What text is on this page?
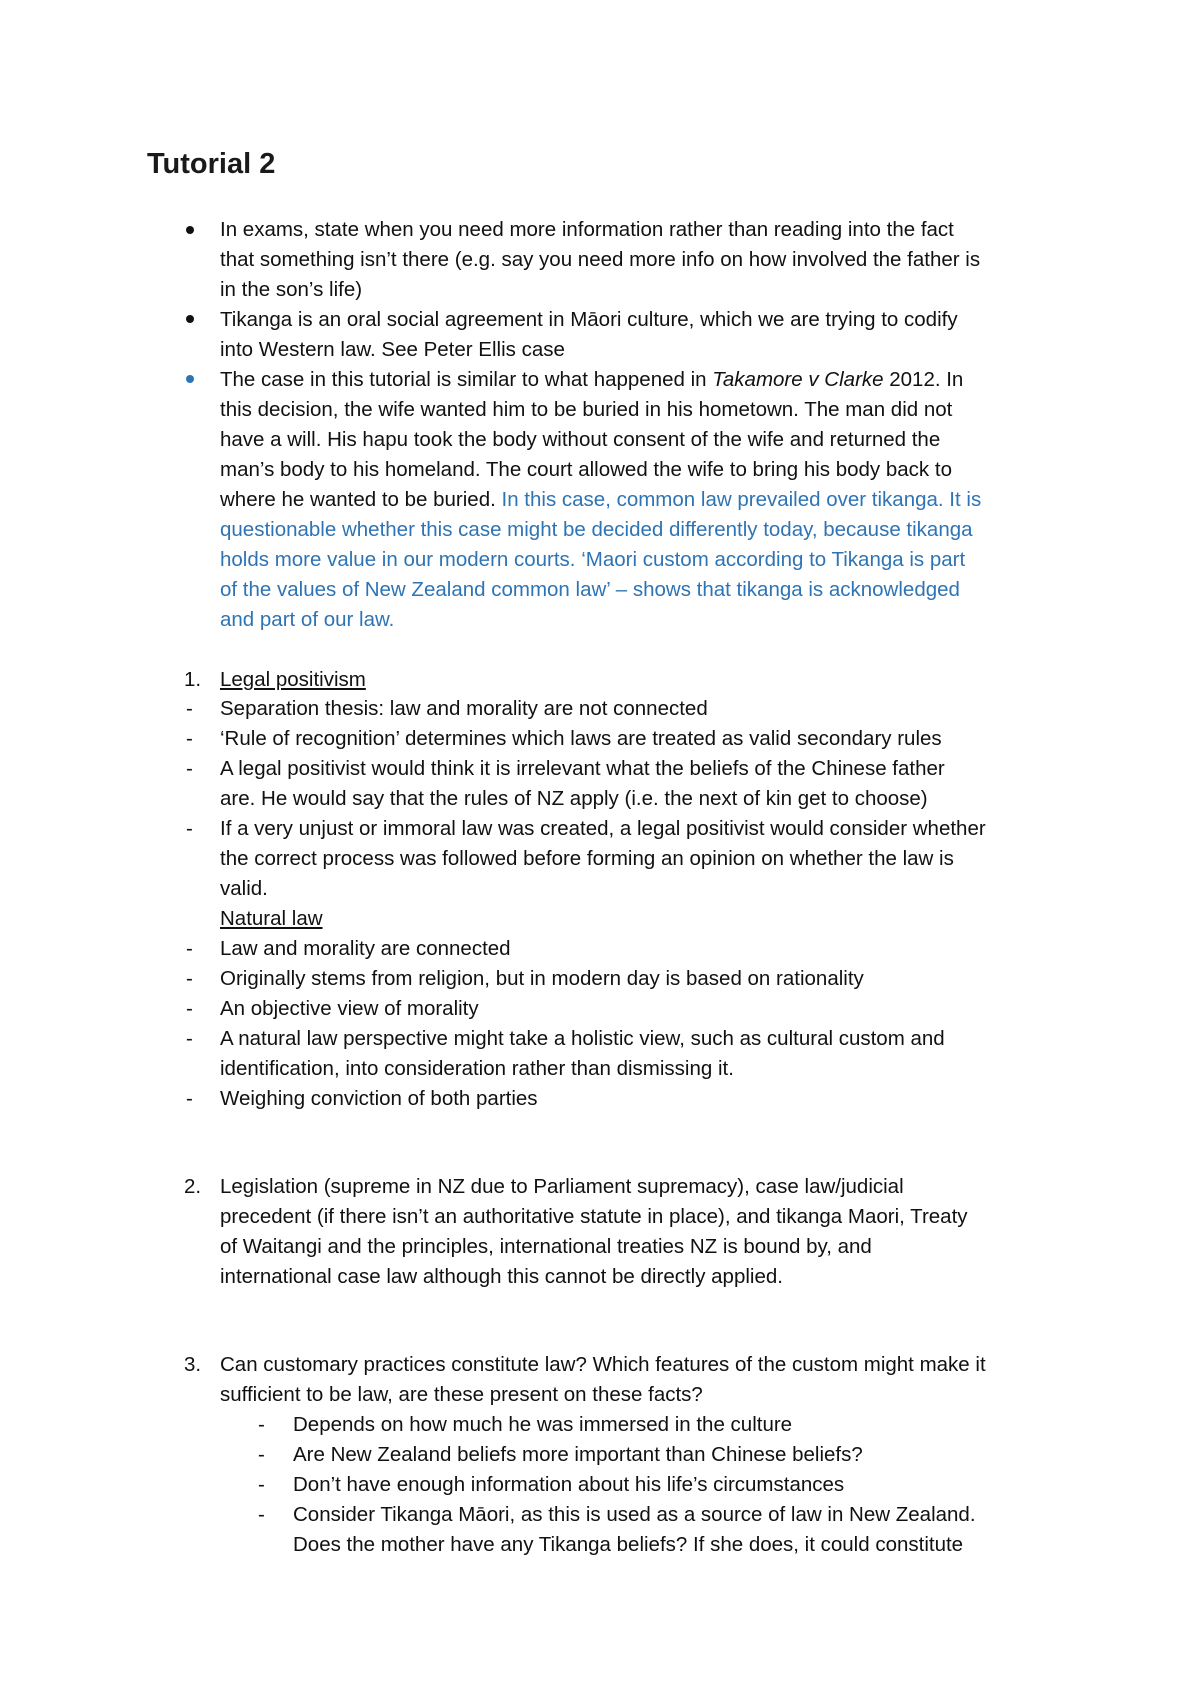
Tutorial 2
In exams, state when you need more information rather than reading into the fact
that something isn’t there (e.g. say you need more info on how involved the father is
in the son’s life)
Tikanga is an oral social agreement in Māori culture, which we are trying to codify
into Western law. See Peter Ellis case
The case in this tutorial is similar to what happened in Takamore v Clarke 2012. In
this decision, the wife wanted him to be buried in his hometown. The man did not
have a will. His hapu took the body without consent of the wife and returned the
man’s body to his homeland. The court allowed the wife to bring his body back to
where he wanted to be buried. In this case, common law prevailed over tikanga. It is
questionable whether this case might be decided differently today, because tikanga
holds more value in our modern courts. ‘Maori custom according to Tikanga is part
of the values of New Zealand common law’ – shows that tikanga is acknowledged
and part of our law.
1. Legal positivism
- Separation thesis: law and morality are not connected
- ‘Rule of recognition’ determines which laws are treated as valid secondary rules
- A legal positivist would think it is irrelevant what the beliefs of the Chinese father
are. He would say that the rules of NZ apply (i.e. the next of kin get to choose)
- If a very unjust or immoral law was created, a legal positivist would consider whether
the correct process was followed before forming an opinion on whether the law is
valid.
Natural law
- Law and morality are connected
- Originally stems from religion, but in modern day is based on rationality
- An objective view of morality
- A natural law perspective might take a holistic view, such as cultural custom and
identification, into consideration rather than dismissing it.
- Weighing conviction of both parties
2. Legislation (supreme in NZ due to Parliament supremacy), case law/judicial
precedent (if there isn’t an authoritative statute in place), and tikanga Maori, Treaty
of Waitangi and the principles, international treaties NZ is bound by, and
international case law although this cannot be directly applied.
3. Can customary practices constitute law? Which features of the custom might make it
sufficient to be law, are these present on these facts?
- Depends on how much he was immersed in the culture
- Are New Zealand beliefs more important than Chinese beliefs?
- Don’t have enough information about his life’s circumstances
- Consider Tikanga Māori, as this is used as a source of law in New Zealand.
Does the mother have any Tikanga beliefs? If she does, it could constitute
